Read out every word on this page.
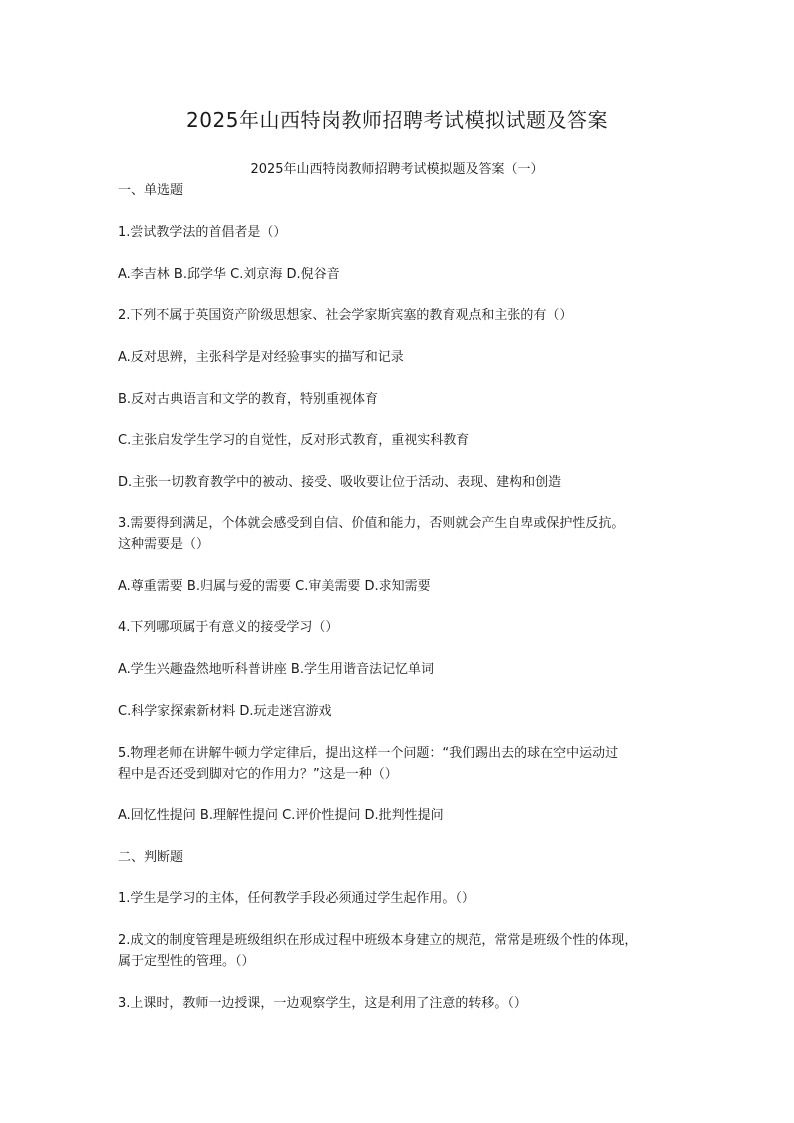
2025年山西特岗教师招聘考试模拟试题及答案
2025年山西特岗教师招聘考试模拟题及答案（一）
一、单选题
1.尝试教学法的首倡者是（）
A.李吉林 B.邱学华 C.刘京海 D.倪谷音
2.下列不属于英国资产阶级思想家、社会学家斯宾塞的教育观点和主张的有（）
A.反对思辨，主张科学是对经验事实的描写和记录
B.反对古典语言和文学的教育，特别重视体育
C.主张启发学生学习的自觉性，反对形式教育，重视实科教育
D.主张一切教育教学中的被动、接受、吸收要让位于活动、表现、建构和创造
3.需要得到满足，个体就会感受到自信、价值和能力，否则就会产生自卑或保护性反抗。
这种需要是（）
A.尊重需要 B.归属与爱的需要 C.审美需要 D.求知需要
4.下列哪项属于有意义的接受学习（）
A.学生兴趣盎然地听科普讲座 B.学生用谐音法记忆单词
C.科学家探索新材料 D.玩走迷宫游戏
5.物理老师在讲解牛顿力学定律后，提出这样一个问题：“我们踢出去的球在空中运动过
程中是否还受到脚对它的作用力？”这是一种（）
A.回忆性提问 B.理解性提问 C.评价性提问 D.批判性提问
二、判断题
1.学生是学习的主体，任何教学手段必须通过学生起作用。（）
2.成文的制度管理是班级组织在形成过程中班级本身建立的规范，常常是班级个性的体现，
属于定型性的管理。（）
3.上课时，教师一边授课，一边观察学生，这是利用了注意的转移。（）
